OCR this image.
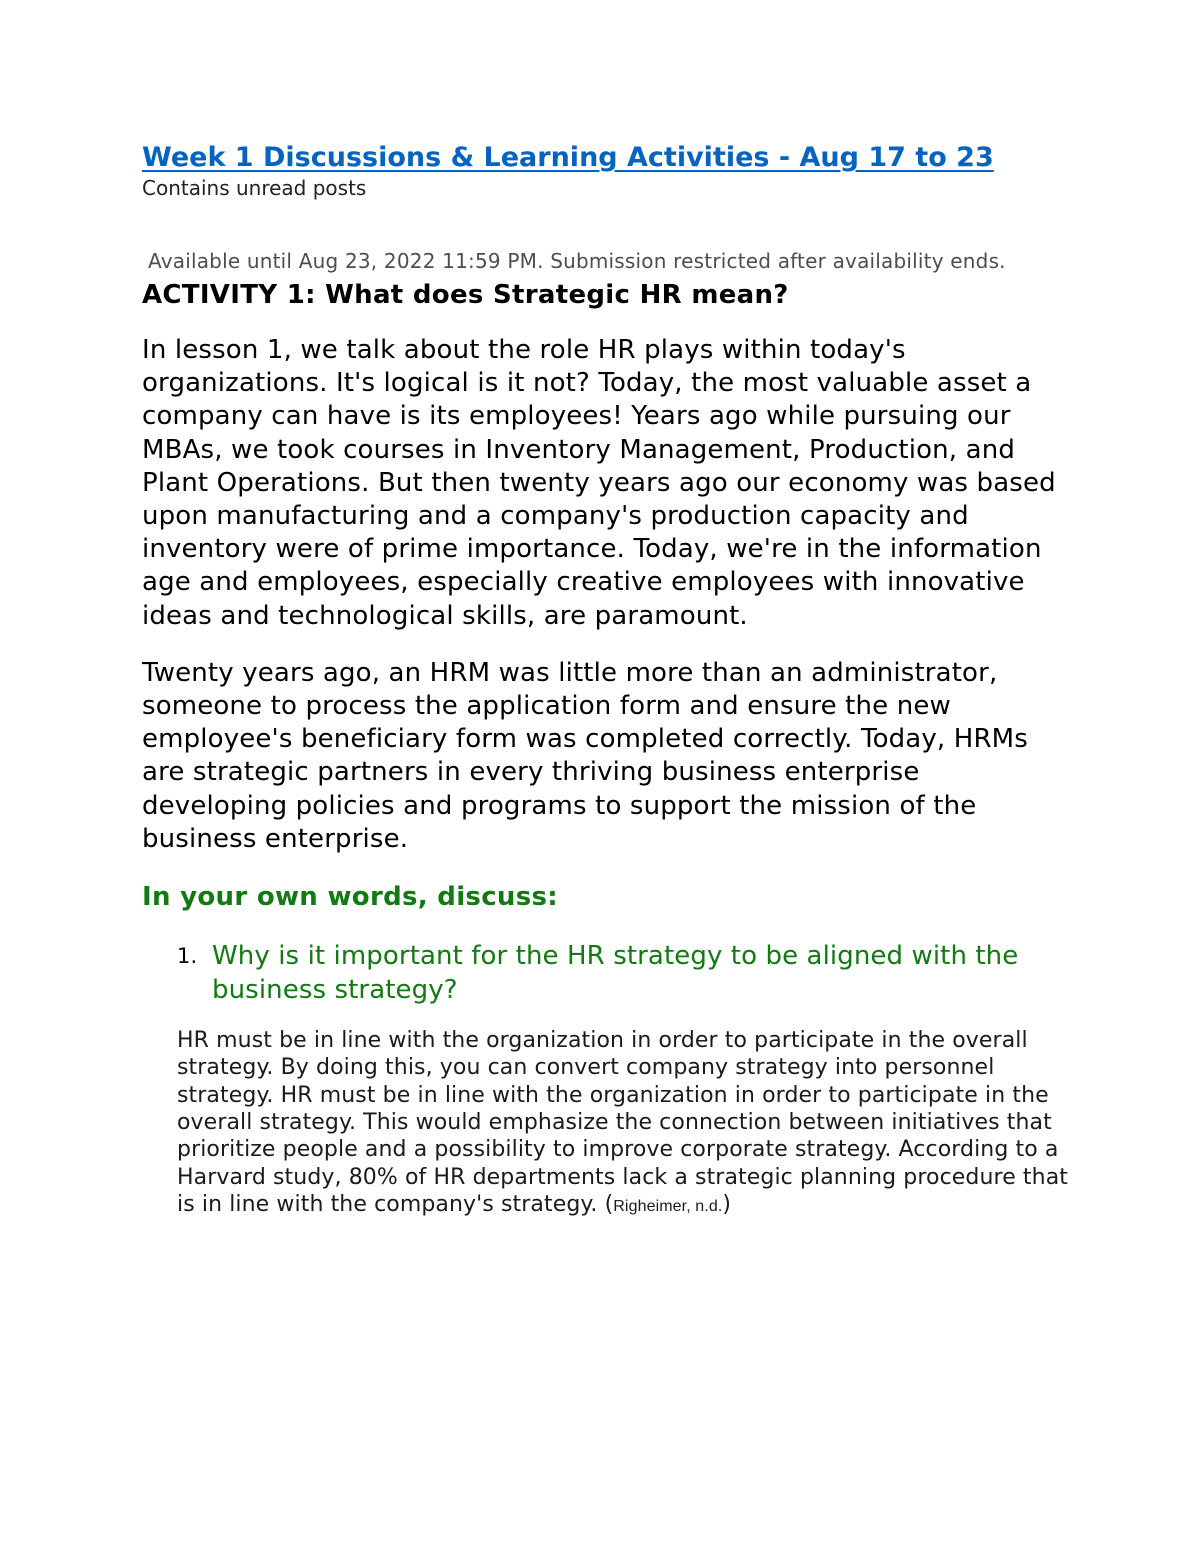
Week 1 Discussions & Learning Activities - Aug 17 to 23
Contains unread posts
Available until Aug 23, 2022 11:59 PM. Submission restricted after availability ends.
ACTIVITY 1: What does Strategic HR mean?

In lesson 1, we talk about the role HR plays within today's organizations. It's logical is it not? Today, the most valuable asset a company can have is its employees! Years ago while pursuing our MBAs, we took courses in Inventory Management, Production, and Plant Operations. But then twenty years ago our economy was based upon manufacturing and a company's production capacity and inventory were of prime importance. Today, we're in the information age and employees, especially creative employees with innovative ideas and technological skills, are paramount.

Twenty years ago, an HRM was little more than an administrator, someone to process the application form and ensure the new employee's beneficiary form was completed correctly. Today, HRMs are strategic partners in every thriving business enterprise developing policies and programs to support the mission of the business enterprise.

In your own words, discuss:
1. Why is it important for the HR strategy to be aligned with the business strategy?
HR must be in line with the organization in order to participate in the overall strategy. By doing this, you can convert company strategy into personnel strategy. HR must be in line with the organization in order to participate in the overall strategy. This would emphasize the connection between initiatives that prioritize people and a possibility to improve corporate strategy. According to a Harvard study, 80% of HR departments lack a strategic planning procedure that is in line with the company's strategy. (Righeimer, n.d.)
